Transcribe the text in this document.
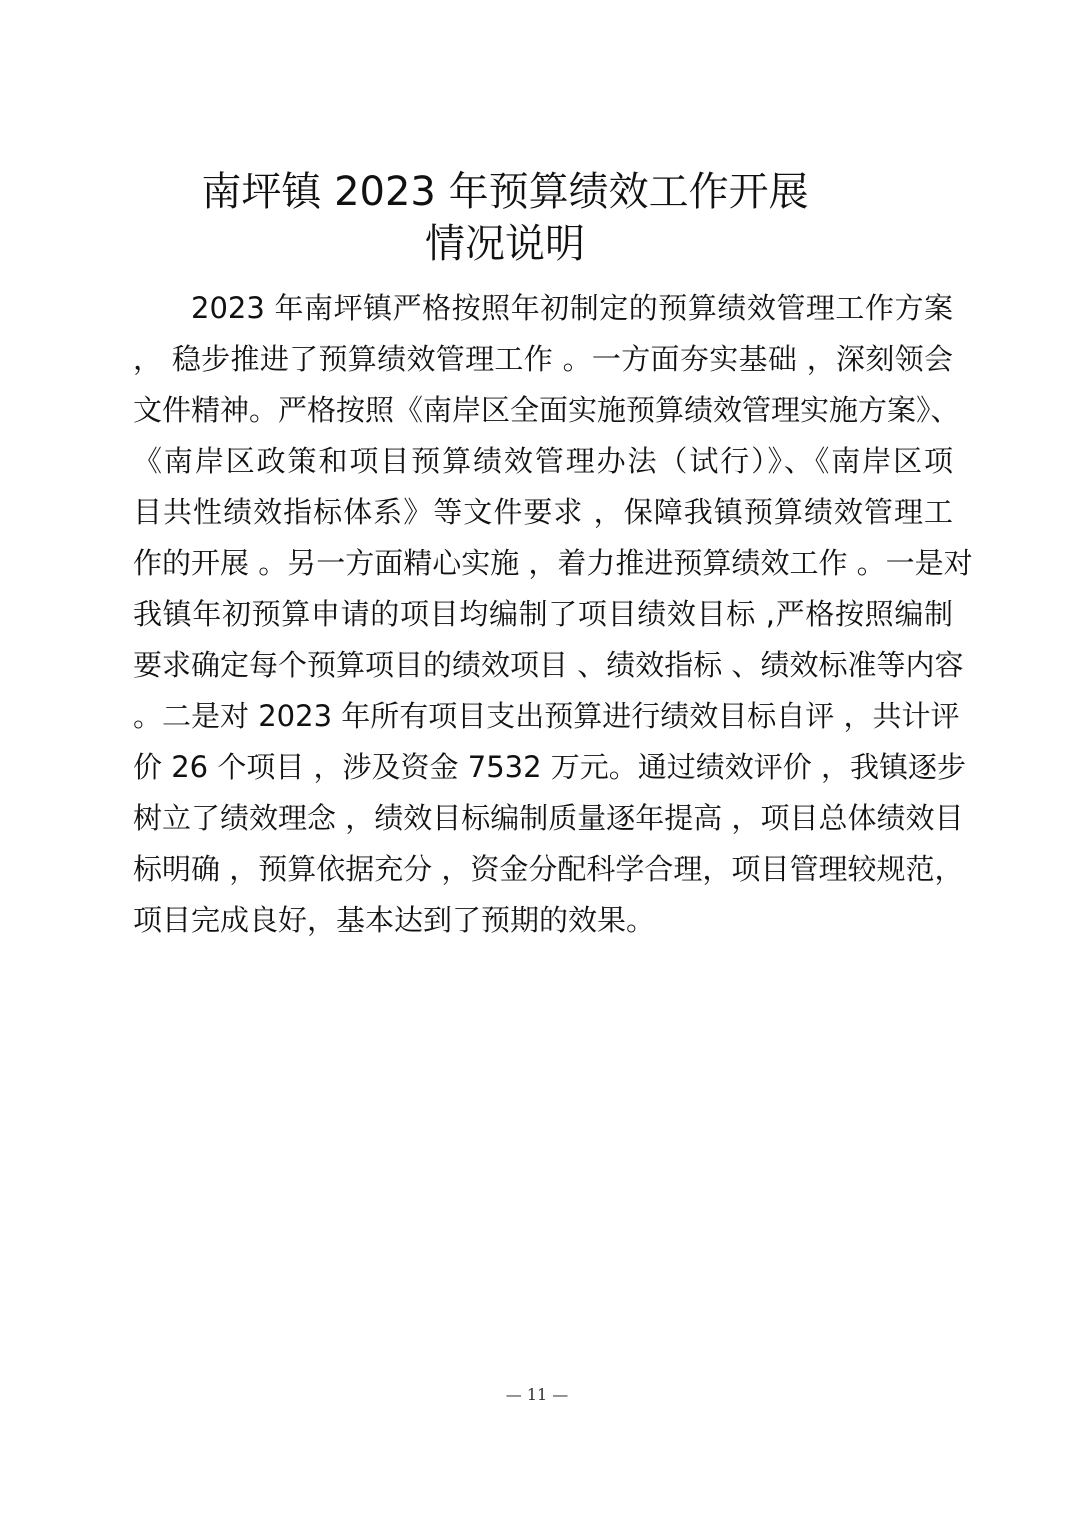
南坪镇 2023 年预算绩效工作开展
情况说明
2023 年南坪镇严格按照年初制定的预算绩效管理工作方案
， 稳步推进了预算绩效管理工作 。一方面夯实基础 ，深刻领会
文件精神。严格按照《南岸区全面实施预算绩效管理实施方案》、
《南岸区政策和项目预算绩效管理办法（试行）》、《南岸区项
目共性绩效指标体系》等文件要求 ，保障我镇预算绩效管理工
作的开展 。另一方面精心实施 ，着力推进预算绩效工作 。一是对
我镇年初预算申请的项目均编制了项目绩效目标 ,严格按照编制
要求确定每个预算项目的绩效项目 、绩效指标 、绩效标准等内容
。二是对 2023 年所有项目支出预算进行绩效目标自评 ，共计评
价 26 个项目 ，涉及资金 7532 万元。通过绩效评价 ，我镇逐步
树立了绩效理念 ，绩效目标编制质量逐年提高 ，项目总体绩效目
标明确 ，预算依据充分 ，资金分配科学合理，项目管理较规范，
项目完成良好，基本达到了预期的效果。
— 11 —
